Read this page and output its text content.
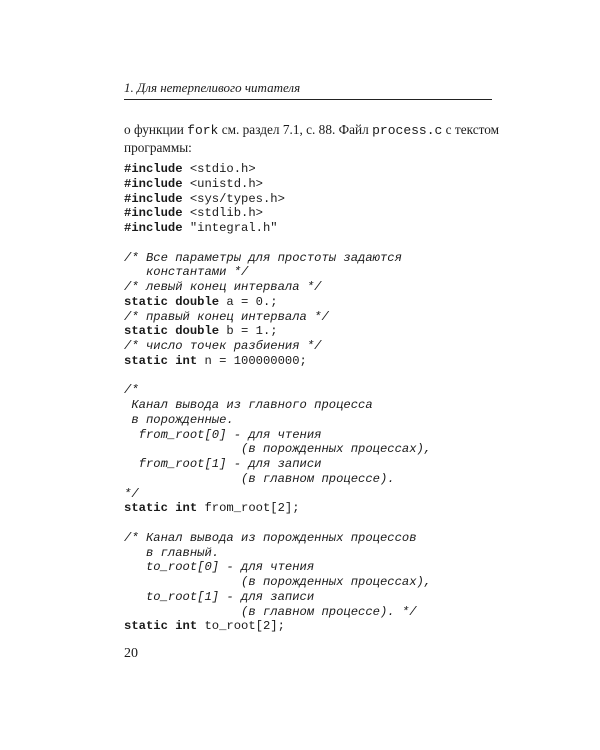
1. Для нетерпеливого читателя
о функции fork см. раздел 7.1, с. 88. Файл process.c с текстом программы:
#include <stdio.h>
#include <unistd.h>
#include <sys/types.h>
#include <stdlib.h>
#include "integral.h"
/* Все параметры для простоты задаются
константами */
/* левый конец интервала */
static double a = 0.;
/* правый конец интервала */
static double b = 1.;
/* число точек разбиения */
static int n = 100000000;
/*
Канал вывода из главного процесса
в порожденные.
from_root[0] - для чтения
(в порожденных процессах),
from_root[1] - для записи
(в главном процессе).
*/
static int from_root[2];
/* Канал вывода из порожденных процессов
в главный.
to_root[0] - для чтения
(в порожденных процессах),
to_root[1] - для записи
(в главном процессе). */
static int to_root[2];
20
